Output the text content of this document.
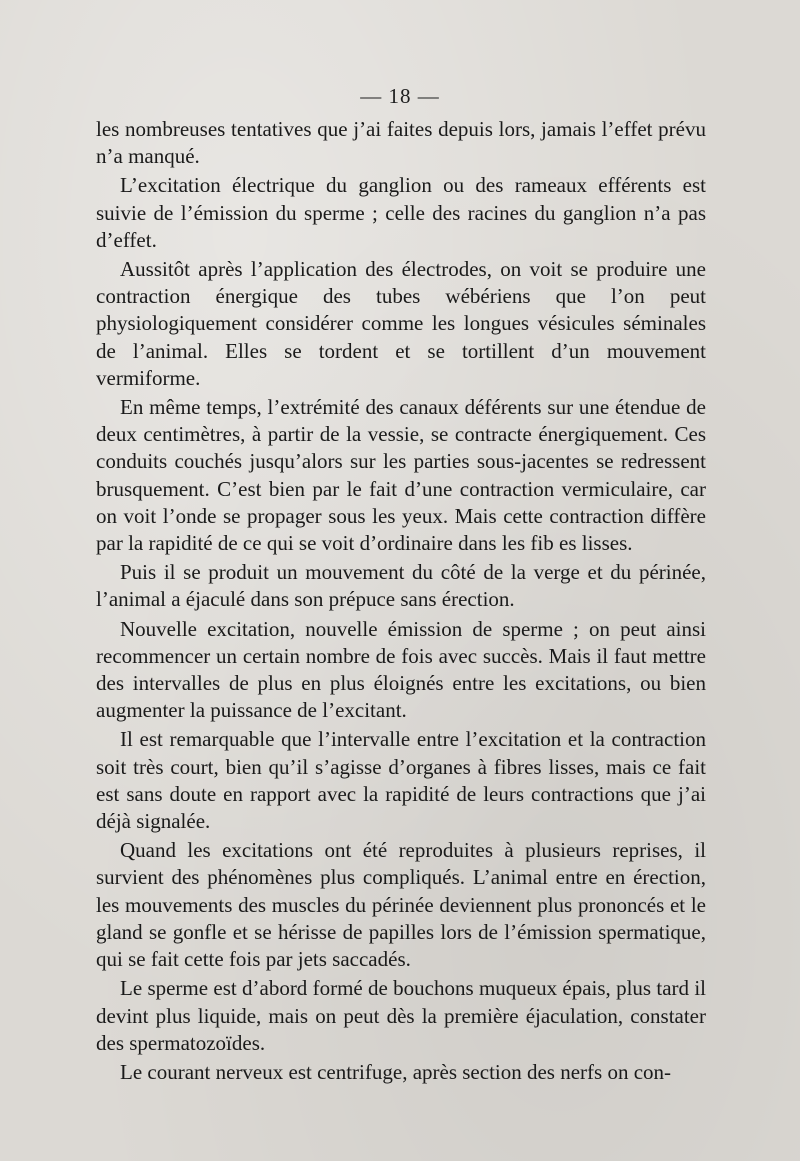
— 18 —

les nombreuses tentatives que j’ai faites depuis lors, jamais l’effet prévu n’a manqué.

L’excitation électrique du ganglion ou des rameaux efférents est suivie de l’émission du sperme ; celle des racines du ganglion n’a pas d’effet.

Aussitôt après l’application des électrodes, on voit se produire une contraction énergique des tubes wébériens que l’on peut physiologiquement considérer comme les longues vésicules séminales de l’animal. Elles se tordent et se tortillent d’un mouvement vermiforme.

En même temps, l’extrémité des canaux déférents sur une étendue de deux centimètres, à partir de la vessie, se contracte énergiquement. Ces conduits couchés jusqu’alors sur les parties sous-jacentes se redressent brusquement. C’est bien par le fait d’une contraction vermiculaire, car on voit l’onde se propager sous les yeux. Mais cette contraction diffère par la rapidité de ce qui se voit d’ordinaire dans les fib es lisses.

Puis il se produit un mouvement du côté de la verge et du périnée, l’animal a éjaculé dans son prépuce sans érection.

Nouvelle excitation, nouvelle émission de sperme ; on peut ainsi recommencer un certain nombre de fois avec succès. Mais il faut mettre des intervalles de plus en plus éloignés entre les excitations, ou bien augmenter la puissance de l’excitant.

Il est remarquable que l’intervalle entre l’excitation et la contraction soit très court, bien qu’il s’agisse d’organes à fibres lisses, mais ce fait est sans doute en rapport avec la rapidité de leurs contractions que j’ai déjà signalée.

Quand les excitations ont été reproduites à plusieurs reprises, il survient des phénomènes plus compliqués. L’animal entre en érection, les mouvements des muscles du périnée deviennent plus prononcés et le gland se gonfle et se hérisse de papilles lors de l’émission spermatique, qui se fait cette fois par jets saccadés.

Le sperme est d’abord formé de bouchons muqueux épais, plus tard il devint plus liquide, mais on peut dès la première éjaculation, constater des spermatozoïdes.

Le courant nerveux est centrifuge, après section des nerfs on con-
